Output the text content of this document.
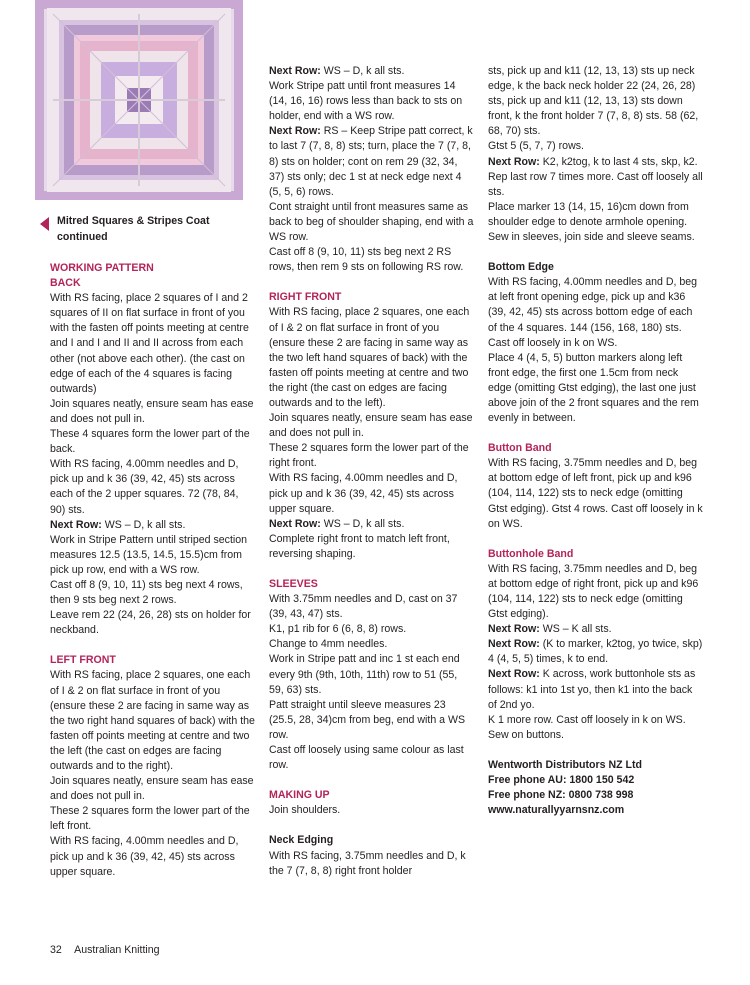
Mitred Squares & Stripes Coat
continued

WORKING PATTERN

BACK

With RS facing, place 2 squares of I and 2 squares of II on flat surface in front of you with the fasten off points meeting at centre and I and I and II and II across from each other (not above each other). (the cast on edge of each of the 4 squares is facing outwards)

Join squares neatly, ensure seam has ease and does not pull in.

These 4 squares form the lower part of the back.

With RS facing, 4.00mm needles and D, pick up and k 36 (39, 42, 45) sts across each of the 2 upper squares. 72 (78, 84, 90) sts.

Next Row: WS – D, k all sts.

Work in Stripe Pattern until striped section measures 12.5 (13.5, 14.5, 15.5)cm from pick up row, end with a WS row.

Cast off 8 (9, 10, 11) sts beg next 4 rows, then 9 sts beg next 2 rows.

Leave rem 22 (24, 26, 28) sts on holder for neckband.

LEFT FRONT

With RS facing, place 2 squares, one each of I & 2 on flat surface in front of you (ensure these 2 are facing in same way as the two right hand squares of back) with the fasten off points meeting at centre and two the left (the cast on edges are facing outwards and to the right).

Join squares neatly, ensure seam has ease and does not pull in.

These 2 squares form the lower part of the left front.

With RS facing, 4.00mm needles and D, pick up and k 36 (39, 42, 45) sts across upper square.

Next Row: WS – D, k all sts.

Work Stripe patt until front measures 14 (14, 16, 16) rows less than back to sts on holder, end with a WS row.

Next Row: RS – Keep Stripe patt correct, k to last 7 (7, 8, 8) sts; turn, place the 7 (7, 8, 8) sts on holder; cont on rem 29 (32, 34, 37) sts only; dec 1 st at neck edge next 4 (5, 5, 6) rows.

Cont straight until front measures same as back to beg of shoulder shaping, end with a WS row.

Cast off 8 (9, 10, 11) sts beg next 2 RS rows, then rem 9 sts on following RS row.

RIGHT FRONT

With RS facing, place 2 squares, one each of I & 2 on flat surface in front of you (ensure these 2 are facing in same way as the two left hand squares of back) with the fasten off points meeting at centre and two the right (the cast on edges are facing outwards and to the left).

Join squares neatly, ensure seam has ease and does not pull in.

These 2 squares form the lower part of the right front.

With RS facing, 4.00mm needles and D, pick up and k 36 (39, 42, 45) sts across upper square.

Next Row: WS – D, k all sts.

Complete right front to match left front, reversing shaping.

SLEEVES

With 3.75mm needles and D, cast on 37 (39, 43, 47) sts.

K1, p1 rib for 6 (6, 8, 8) rows.

Change to 4mm needles.

Work in Stripe patt and inc 1 st each end every 9th (9th, 10th, 11th) row to 51 (55, 59, 63) sts.

Patt straight until sleeve measures 23 (25.5, 28, 34)cm from beg, end with a WS row.

Cast off loosely using same colour as last row.

MAKING UP

Join shoulders.

Neck Edging

With RS facing, 3.75mm needles and D, k the 7 (7, 8, 8) right front holder

sts, pick up and k11 (12, 13, 13) sts up neck edge, k the back neck holder 22 (24, 26, 28) sts, pick up and k11 (12, 13, 13) sts down front, k the front holder 7 (7, 8, 8) sts. 58 (62, 68, 70) sts.

Gtst 5 (5, 7, 7) rows.

Next Row: K2, k2tog, k to last 4 sts, skp, k2.

Rep last row 7 times more. Cast off loosely all sts.

Place marker 13 (14, 15, 16)cm down from shoulder edge to denote armhole opening. Sew in sleeves, join side and sleeve seams.

Bottom Edge

With RS facing, 4.00mm needles and D, beg at left front opening edge, pick up and k36 (39, 42, 45) sts across bottom edge of each of the 4 squares. 144 (156, 168, 180) sts. Cast off loosely in k on WS.

Place 4 (4, 5, 5) button markers along left front edge, the first one 1.5cm from neck edge (omitting Gtst edging), the last one just above join of the 2 front squares and the rem evenly in between.

Button Band

With RS facing, 3.75mm needles and D, beg at bottom edge of left front, pick up and k96 (104, 114, 122) sts to neck edge (omitting Gtst edging). Gtst 4 rows. Cast off loosely in k on WS.

Buttonhole Band

With RS facing, 3.75mm needles and D, beg at bottom edge of right front, pick up and k96 (104, 114, 122) sts to neck edge (omitting Gtst edging).

Next Row: WS – K all sts.

Next Row: (K to marker, k2tog, yo twice, skp) 4 (4, 5, 5) times, k to end.

Next Row: K across, work buttonhole sts as follows: k1 into 1st yo, then k1 into the back of 2nd yo.

K 1 more row. Cast off loosely in k on WS.

Sew on buttons.

Wentworth Distributors NZ Ltd

Free phone AU: 1800 150 542

Free phone NZ: 0800 738 998

www.naturallyyarnsnz.com

32 Australian Knitting
